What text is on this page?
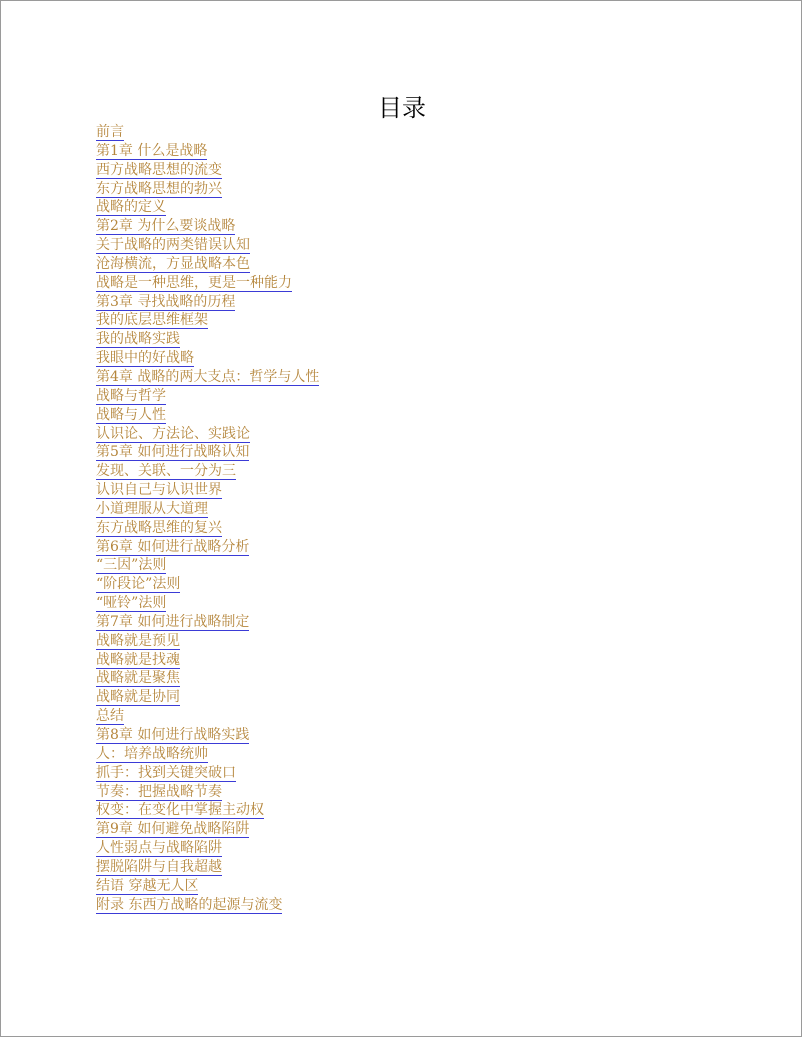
目录
前言
第1章 什么是战略
西方战略思想的流变
东方战略思想的勃兴
战略的定义
第2章 为什么要谈战略
关于战略的两类错误认知
沧海横流，方显战略本色
战略是一种思维，更是一种能力
第3章 寻找战略的历程
我的底层思维框架
我的战略实践
我眼中的好战略
第4章 战略的两大支点：哲学与人性
战略与哲学
战略与人性
认识论、方法论、实践论
第5章 如何进行战略认知
发现、关联、一分为三
认识自己与认识世界
小道理服从大道理
东方战略思维的复兴
第6章 如何进行战略分析
“三因”法则
“阶段论”法则
“哑铃”法则
第7章 如何进行战略制定
战略就是预见
战略就是找魂
战略就是聚焦
战略就是协同
总结
第8章 如何进行战略实践
人：培养战略统帅
抓手：找到关键突破口
节奏：把握战略节奏
权变：在变化中掌握主动权
第9章 如何避免战略陷阱
人性弱点与战略陷阱
摆脱陷阱与自我超越
结语 穿越无人区
附录 东西方战略的起源与流变
